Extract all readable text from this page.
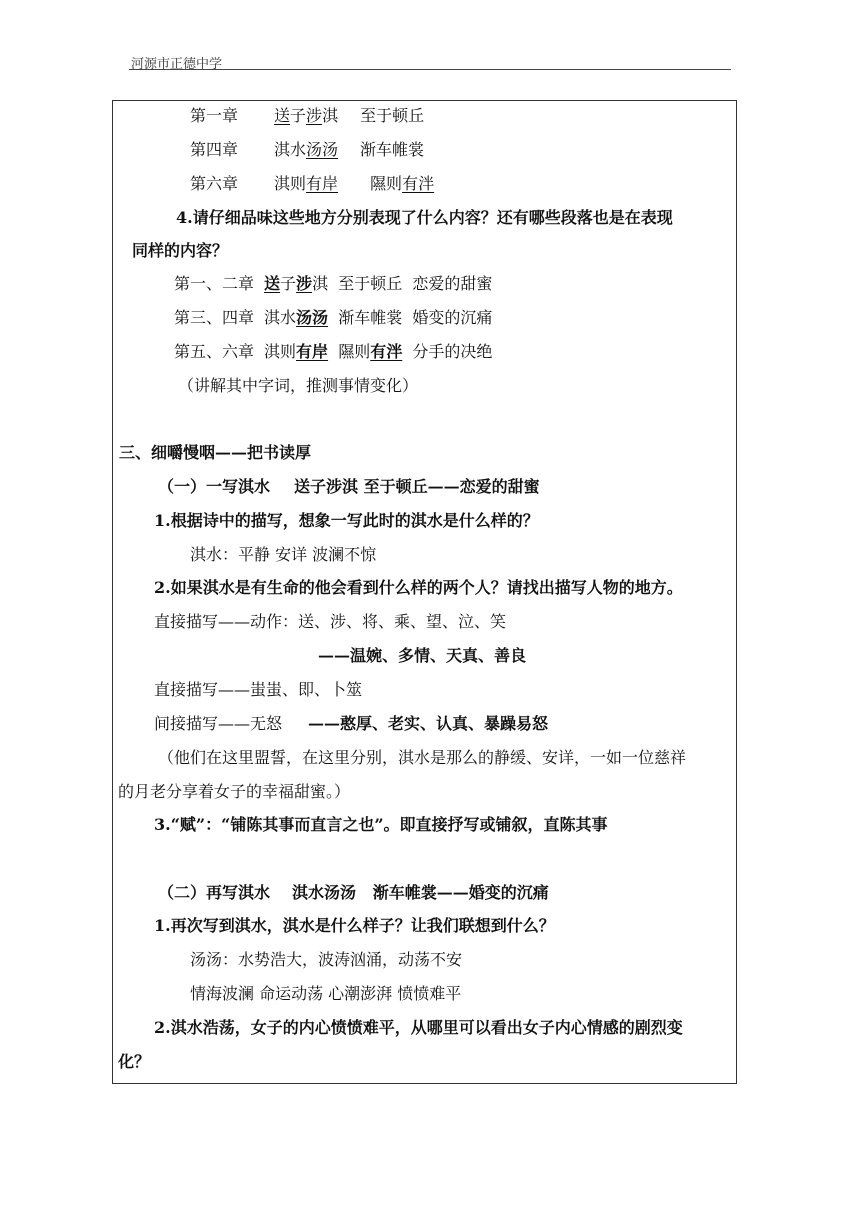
河源市正德中学
第一章 送子涉淇 至于顿丘
第四章 淇水汤汤 渐车帷裳
第六章 淇则有岸 隰则有泮
4.请仔细品味这些地方分别表现了什么内容？还有哪些段落也是在表现
同样的内容？
第一、二章 送子涉淇  至于顿丘  恋爱的甜蜜
第三、四章 淇水汤汤  渐车帷裳  婚变的沉痛
第五、六章 淇则有岸  隰则有泮  分手的决绝
（讲解其中字词，推测事情变化）
三、细嚼慢咽——把书读厚
（一）一写淇水 送子涉淇 至于顿丘——恋爱的甜蜜
1.根据诗中的描写，想象一写此时的淇水是什么样的？
淇水：平静 安详 波澜不惊
2.如果淇水是有生命的他会看到什么样的两个人？请找出描写人物的地方。
直接描写——动作：送、涉、将、乘、望、泣、笑
——温婉、多情、天真、善良
直接描写——蚩蚩、即、卜筮
间接描写——无怒 ——憨厚、老实、认真、暴躁易怒
（他们在这里盟誓，在这里分别，淇水是那么的静缓、安详，一如一位慈祥
的月老分享着女子的幸福甜蜜。）
3.“赋”：“铺陈其事而直言之也”。即直接抒写或铺叙，直陈其事
（二）再写淇水 淇水汤汤   渐车帷裳——婚变的沉痛
1.再次写到淇水，淇水是什么样子？让我们联想到什么？
汤汤：水势浩大，波涛汹涌，动荡不安
情海波澜 命运动荡 心潮澎湃 愤愤难平
2.淇水浩荡，女子的内心愤愤难平，从哪里可以看出女子内心情感的剧烈变
化？
